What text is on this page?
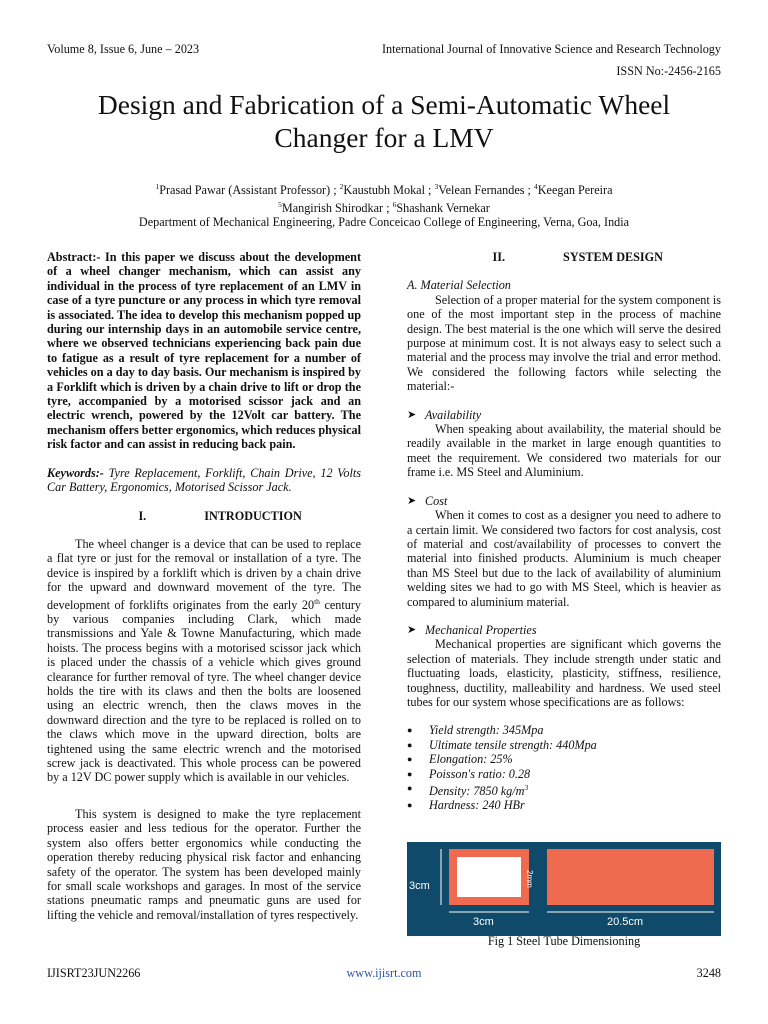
Volume 8, Issue 6, June – 2023	International Journal of Innovative Science and Research Technology
ISSN No:-2456-2165
Design and Fabrication of a Semi-Automatic Wheel
Changer for a LMV
$^1$Prasad Pawar (Assistant Professor) ; $^2$Kaustubh Mokal ; $^3$Velean Fernandes ; $^4$Keegan Pereira
$^5$Mangirish Shirodkar ; $^6$Shashank Vernekar
Department of Mechanical Engineering, Padre Conceicao College of Engineering, Verna, Goa, India

Abstract:- In this paper we discuss about the development of a wheel changer mechanism, which can assist any individual in the process of tyre replacement of an LMV in case of a tyre puncture or any process in which tyre removal is associated. The idea to develop this mechanism popped up during our internship days in an automobile service centre, where we observed technicians experiencing back pain due to fatigue as a result of tyre replacement for a number of vehicles on a day to day basis. Our mechanism is inspired by a Forklift which is driven by a chain drive to lift or drop the tyre, accompanied by a motorised scissor jack and an electric wrench, powered by the 12Volt car battery. The mechanism offers better ergonomics, which reduces physical risk factor and can assist in reducing back pain.

Keywords:- Tyre Replacement, Forklift, Chain Drive, 12 Volts Car Battery, Ergonomics, Motorised Scissor Jack.

I.	INTRODUCTION

The wheel changer is a device that can be used to replace a flat tyre or just for the removal or installation of a tyre. The device is inspired by a forklift which is driven by a chain drive for the upward and downward movement of the tyre. The development of forklifts originates from the early 20th century by various companies including Clark, which made transmissions and Yale & Towne Manufacturing, which made hoists. The process begins with a motorised scissor jack which is placed under the chassis of a vehicle which gives ground clearance for further removal of tyre. The wheel changer device holds the tire with its claws and then the bolts are loosened using an electric wrench, then the claws moves in the downward direction and the tyre to be replaced is rolled on to the claws which move in the upward direction, bolts are tightened using the same electric wrench and the motorised screw jack is deactivated. This whole process can be powered by a 12V DC power supply which is available in our vehicles.

This system is designed to make the tyre replacement process easier and less tedious for the operator. Further the system also offers better ergonomics while conducting the operation thereby reducing physical risk factor and enhancing safety of the operator. The system has been developed mainly for small scale workshops and garages. In most of the service stations pneumatic ramps and pneumatic guns are used for lifting the vehicle and removal/installation of tyres respectively.

II.	SYSTEM DESIGN

A. Material Selection

Selection of a proper material for the system component is one of the most important step in the process of machine design. The best material is the one which will serve the desired purpose at minimum cost. It is not always easy to select such a material and the process may involve the trial and error method. We considered the following factors while selecting the material:-

➤ Availability

When speaking about availability, the material should be readily available in the market in large enough quantities to meet the requirement. We considered two materials for our frame i.e. MS Steel and Aluminium.

➤ Cost

When it comes to cost as a designer you need to adhere to a certain limit. We considered two factors for cost analysis, cost of material and cost/availability of processes to convert the material into finished products. Aluminium is much cheaper than MS Steel but due to the lack of availability of aluminium welding sites we had to go with MS Steel, which is heavier as compared to aluminium material.

➤ Mechanical Properties

Mechanical properties are significant which governs the selection of materials. They include strength under static and fluctuating loads, elasticity, plasticity, stiffness, resilience, toughness, ductility, malleability and hardness. We used steel tubes for our system whose specifications are as follows:

●	Yield strength: 345Mpa
●	Ultimate tensile strength: 440Mpa
●	Elongation: 25%
●	Poisson's ratio: 0.28
●	Density: 7850 $kg/m^3$
●	Hardness: 240 HBr
3cm	2mm
3cm	20.5cm
Fig 1 Steel Tube Dimensioning
IJISRT23JUN2266	www.ijisrt.com	3248
